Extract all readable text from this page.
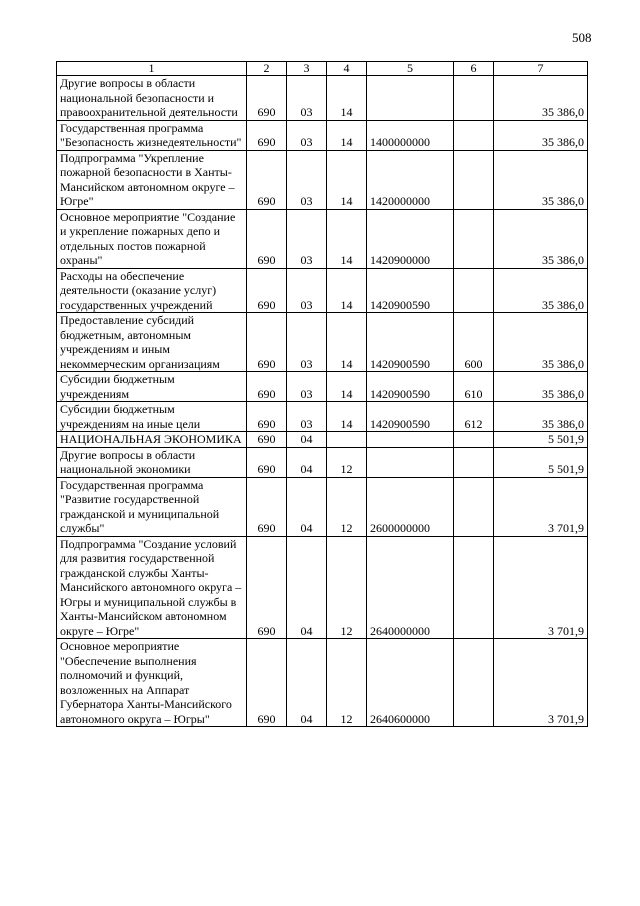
508
1	2	3	4	5	6	7
Другие вопросы в области национальной безопасности и правоохранительной деятельности	690	03	14			35 386,0
Государственная программа "Безопасность жизнедеятельности"	690	03	14	1400000000		35 386,0
Подпрограмма "Укрепление пожарной безопасности в Ханты-Мансийском автономном округе – Югре"	690	03	14	1420000000		35 386,0
Основное мероприятие "Создание и укрепление пожарных депо и отдельных постов пожарной охраны"	690	03	14	1420900000		35 386,0
Расходы на обеспечение деятельности (оказание услуг) государственных учреждений	690	03	14	1420900590		35 386,0
Предоставление субсидий бюджетным, автономным учреждениям и иным некоммерческим организациям	690	03	14	1420900590	600	35 386,0
Субсидии бюджетным учреждениям	690	03	14	1420900590	610	35 386,0
Субсидии бюджетным учреждениям на иные цели	690	03	14	1420900590	612	35 386,0
НАЦИОНАЛЬНАЯ ЭКОНОМИКА	690	04				5 501,9
Другие вопросы в области национальной экономики	690	04	12			5 501,9
Государственная программа "Развитие государственной гражданской и муниципальной службы"	690	04	12	2600000000		3 701,9
Подпрограмма "Создание условий для развития государственной гражданской службы Ханты-Мансийского автономного округа – Югры и муниципальной службы в Ханты-Мансийском автономном округе – Югре"	690	04	12	2640000000		3 701,9
Основное мероприятие "Обеспечение выполнения полномочий и функций, возложенных на Аппарат Губернатора Ханты-Мансийского автономного округа – Югры"	690	04	12	2640600000		3 701,9
